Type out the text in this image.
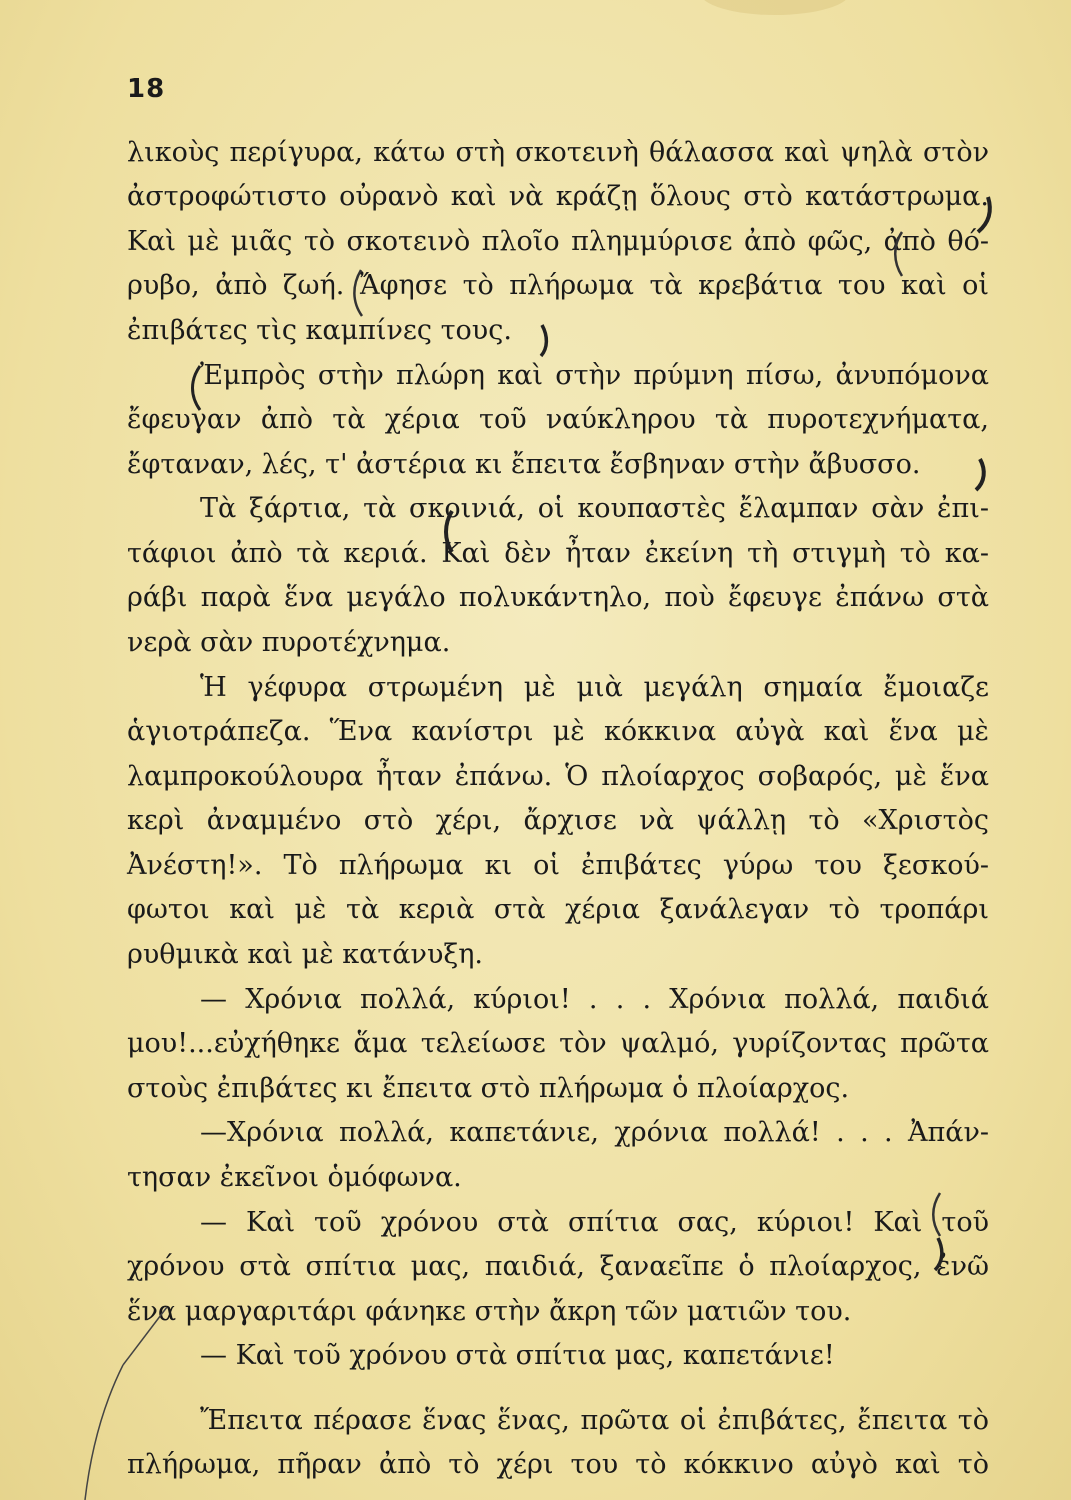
18
λικοὺς περίγυρα, κάτω στὴ σκοτεινὴ θάλασσα καὶ ψηλὰ στὸν
ἀστροφώτιστο οὐρανὸ καὶ νὰ κράζῃ ὅλους στὸ κατάστρωμα.
Καὶ μὲ μιᾶς τὸ σκοτεινὸ πλοῖο πλημμύρισε ἀπὸ φῶς, ἀπὸ θό-
ρυβο, ἀπὸ ζωή. Ἄφησε τὸ πλήρωμα τὰ κρεβάτια του καὶ οἱ
ἐπιβάτες τὶς καμπίνες τους.
Ἐμπρὸς στὴν πλώρη καὶ στὴν πρύμνη πίσω, ἀνυπόμονα
ἔφευγαν ἀπὸ τὰ χέρια τοῦ ναύκληρου τὰ πυροτεχνήματα,
ἔφταναν, λές, τ' ἀστέρια κι ἔπειτα ἔσβηναν στὴν ἄβυσσο.
Τὰ ξάρτια, τὰ σκοινιά, οἱ κουπαστὲς ἔλαμπαν σὰν ἐπι-
τάφιοι ἀπὸ τὰ κεριά. Καὶ δὲν ἦταν ἐκείνη τὴ στιγμὴ τὸ κα-
ράβι παρὰ ἕνα μεγάλο πολυκάντηλο, ποὺ ἔφευγε ἐπάνω στὰ
νερὰ σὰν πυροτέχνημα.
Ἡ γέφυρα στρωμένη μὲ μιὰ μεγάλη σημαία ἔμοιαζε
ἁγιοτράπεζα. Ἕνα κανίστρι μὲ κόκκινα αὐγὰ καὶ ἕνα μὲ
λαμπροκούλουρα ἦταν ἐπάνω. Ὁ πλοίαρχος σοβαρός, μὲ ἕνα
κερὶ ἀναμμένο στὸ χέρι, ἄρχισε νὰ ψάλλῃ τὸ «Χριστὸς
Ἀνέστη!». Τὸ πλήρωμα κι οἱ ἐπιβάτες γύρω του ξεσκού-
φωτοι καὶ μὲ τὰ κεριὰ στὰ χέρια ξανάλεγαν τὸ τροπάρι
ρυθμικὰ καὶ μὲ κατάνυξη.
— Χρόνια πολλά, κύριοι! . . . Χρόνια πολλά, παιδιά
μου!...εὐχήθηκε ἅμα τελείωσε τὸν ψαλμό, γυρίζοντας πρῶτα
στοὺς ἐπιβάτες κι ἔπειτα στὸ πλήρωμα ὁ πλοίαρχος.
—Χρόνια πολλά, καπετάνιε, χρόνια πολλά! . . . Ἀπάν-
τησαν ἐκεῖνοι ὁμόφωνα.
— Καὶ τοῦ χρόνου στὰ σπίτια σας, κύριοι! Καὶ τοῦ
χρόνου στὰ σπίτια μας, παιδιά, ξαναεῖπε ὁ πλοίαρχος, ἐνῶ
ἕνα μαργαριτάρι φάνηκε στὴν ἄκρη τῶν ματιῶν του.
— Καὶ τοῦ χρόνου στὰ σπίτια μας, καπετάνιε!
Ἔπειτα πέρασε ἕνας ἕνας, πρῶτα οἱ ἐπιβάτες, ἔπειτα τὸ
πλήρωμα, πῆραν ἀπὸ τὸ χέρι του τὸ κόκκινο αὐγὸ καὶ τὸ
